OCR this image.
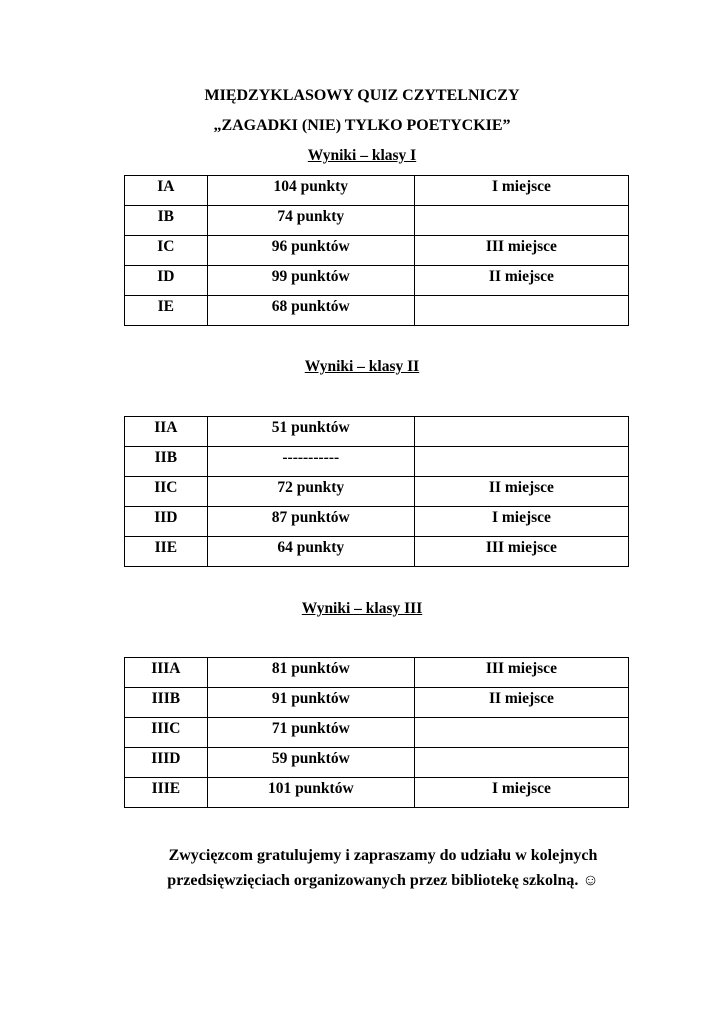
MIĘDZYKLASOWY QUIZ CZYTELNICZY
„ZAGADKI (NIE) TYLKO POETYCKIE”
Wyniki – klasy I
IA	104 punkty	I miejsce
IB	74 punkty	
IC	96 punktów	III miejsce
ID	99 punktów	II miejsce
IE	68 punktów	
Wyniki – klasy II
IIA	51 punktów	
IIB	-----------	
IIC	72 punkty	II miejsce
IID	87 punktów	I miejsce
IIE	64 punkty	III miejsce
Wyniki – klasy III
IIIA	81 punktów	III miejsce
IIIB	91 punktów	II miejsce
IIIC	71 punktów	
IIID	59 punktów	
IIIE	101 punktów	I miejsce
Zwycięzcom gratulujemy i zapraszamy do udziału w kolejnych
przedsięwzięciach organizowanych przez bibliotekę szkolną. ☺
